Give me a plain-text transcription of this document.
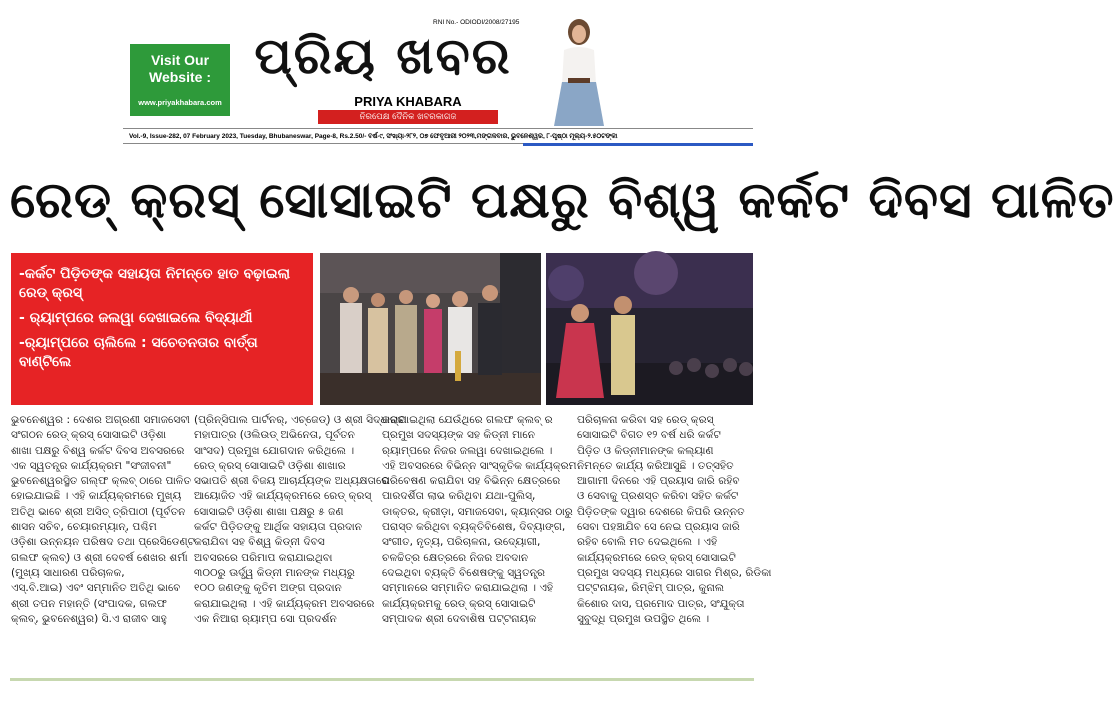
Visit Our Website :
www.priyakhabara.com
RNI No.- ODIODI/2008/27195
ପ୍ରିୟ ଖବର
PRIYA KHABARA
ନିରପେକ୍ଷ ଦୈନିକ ଖବରକାଗଜ
Vol.-9, Issue-282, 07 February 2023, Tuesday, Bhubaneswar, Page-8, Rs.2.50/- ବର୍ଷ-୯, ସଂଖ୍ୟା-୨୮୨, ୦୭ ଫେବୃଆରୀ ୨୦୨୩,ମଙ୍ଗଳବାର, ଭୁବନେଶ୍ୱର, ୮-ପୃଷ୍ଠା ମୂଲ୍ୟ-୨.୫୦ଟଙ୍କା
ରେଡ୍ କ୍ରସ୍ ସୋସାଇଟି ପକ୍ଷରୁ ବିଶ୍ୱ କର୍କଟ ଦିବସ ପାଳିତ

-କର୍କଟ ପିଡ଼ିତଙ୍କ ସହାୟତା ନିମନ୍ତେ ହାତ ବଢ଼ାଇଲା ରେଡ୍ କ୍ରସ୍

- ର୍‍ୟାମ୍ପରେ ଜଲୱା ଦେଖାଇଲେ ବିଦ୍ୟାର୍ଥୀ

-ର୍‍ୟାମ୍ପରେ ଚାଲିଲେ : ସଚେତନତାର ବାର୍ତ୍ତା ବାଣ୍ଟିଲେ

ଭୁବନେଶ୍ୱର : ଦେଶର ଅଗ୍ରଣୀ ସମାଜସେବୀ
ସଂଗଠନ ରେଡ୍ କ୍ରସ୍ ସୋସାଇଟି ଓଡ଼ିଶା
ଶାଖା ପକ୍ଷରୁ ବିଶ୍ୱ କର୍କଟ ଦିବସ ଅବସରରେ
ଏକ ସ୍ୱତନ୍ତ୍ର କାର୍ଯ୍ୟକ୍ରମ "ସଂଜୀବନୀ"
ଭୁବନେଶ୍ୱରସ୍ଥିତ ଗଲ୍ଫ କ୍ଲବ୍ ଠାରେ ପାଳିତ
ହୋଇଯାଇଛି । ଏହି କାର୍ଯ୍ୟକ୍ରମରେ ମୁଖ୍ୟ
ଅତିଥି ଭାବେ ଶ୍ରୀ ଅସିତ୍ ତ୍ରିପାଠୀ (ପୂର୍ବତନ
ଶାସନ ସଚିବ, ଚେୟାରମ୍ୟାନ୍, ପଶ୍ଚିମ
ଓଡ଼ିଶା ଉନ୍ନୟନ ପରିଷଦ ତଥା ପ୍ରେସିଡେଣ୍ଟ
ଗଲଫ କ୍ଲବ୍) ଓ ଶ୍ରୀ ଦେବର୍ଷ ଶେଖର ଶର୍ମା
(ମୁଖ୍ୟ ସାଧାରଣ ପରିଚାଳକ,
ଏସ୍.ବି.ଆଇ) ଏବଂ ସମ୍ମାନିତ ଅତିଥି ଭାବେ
ଶ୍ରୀ ତପନ ମହାନ୍ତି (ସଂପାଦକ, ଗଲଫ
କ୍ଲବ୍, ଭୁବନେଶ୍ୱର) ସି.ଏ ରାଜୀବ ସାହୁ
(ପ୍ରିନ୍ସିପାଲ ପାର୍ଟନର୍, ଏଚ୍‌ଜେଡ୍) ଓ ଶ୍ରୀ ସିଦ୍ଧାନ୍ତ
ମହାପାତ୍ର (ଓଲିଉଡ୍ ଅଭିନେତା, ପୂର୍ବତନ
ସାଂସଦ) ପ୍ରମୁଖ ଯୋଗଦାନ କରିଥିଲେ ।
ରେଡ୍ କ୍ରସ୍ ସୋସାଇଟି ଓଡ଼ିଶା ଶାଖାର
ସଭାପତି ଶ୍ରୀ ବିଜୟ ଆଚାର୍ଯ୍ୟଙ୍କ ଅଧ୍ୟକ୍ଷତାରେ
ଆୟୋଜିତ ଏହି କାର୍ଯ୍ୟକ୍ରମରେ ରେଡ୍ କ୍ରସ୍
ସୋସାଇଟି ଓଡ଼ିଶା ଶାଖା ପକ୍ଷରୁ ୫ ଜଣ
କର୍କଟ ପିଡ଼ିତଙ୍କୁ ଆର୍ଥିକ ସହାୟତା ପ୍ରଦାନ
କରାଯିବା ସହ ବିଶ୍ୱ କିଡ୍‌ନୀ ଦିବସ
ଅବସରରେ ପରିମାପ କରାଯାଇଥିବା
୩୦୦ରୁ ଊର୍ଦ୍ଧ୍ୱ କିଡ୍‌ନୀ ମାନଙ୍କ ମଧ୍ୟରୁ
୧୦୦ ଜଣଙ୍କୁ କୃତିମ ଅଙ୍ଗ ପ୍ରଦାନ
କରାଯାଇଥିଲା । ଏହି କାର୍ଯ୍ୟକ୍ରମ ଅବସରରେ
ଏକ ନିଆରା ର୍‍ୟାମ୍ପ ସୋ ପ୍ରଦର୍ଶନ
କରାଯାଇଥିଲା ଯେଉଁଥିରେ ଗଲଫ କ୍ଲବ୍ ର
ପ୍ରମୁଖ ସଦସ୍ୟଙ୍କ ସହ କିଡ୍‌ନୀ ମାନେ
ର୍‍ୟାମ୍ପରେ ନିଜର ଜଲୱା ଦେଖାଇଥିଲେ ।
ଏହି ଅବସରରେ ବିଭିନ୍ନ ସାଂସ୍କୃତିକ କାର୍ଯ୍ୟକ୍ରମ
ପରିବେଷଣ କରାଯିବା ସହ ବିଭିନ୍ନ କ୍ଷେତ୍ରରେ
ପାରଦର୍ଶିତା ଲାଭ କରିଥିବା ଯଥା-ପୁଲିସ୍,
ଡାକ୍ତର, କ୍ରୀଡ଼ା, ସମାଜସେବା, କ୍ୟାନ୍‌ସର ଠାରୁ
ପରାସ୍ତ କରିଥିବା ବ୍ୟକ୍ତିବିଶେଷ, ଦିବ୍ୟାଙ୍ଗ,
ସଂଗୀତ, ନୃତ୍ୟ, ପରିଚାଳନା, ଉଦ୍ୟୋଗୀ,
ଚଳଚ୍ଚିତ୍ର କ୍ଷେତ୍ରରେ ନିଜର ଅବଦାନ
ଦେଇଥିବା ବ୍ୟକ୍ତି ବିଶେଷଙ୍କୁ ସ୍ୱତନ୍ତ୍ର
ସମ୍ମାନରେ ସମ୍ମାନିତ କରାଯାଇଥିଲା । ଏହି
କାର୍ଯ୍ୟକ୍ରମକୁ ରେଡ୍ କ୍ରସ୍ ସୋସାଇଟି
ସମ୍ପାଦକ ଶ୍ରୀ ଦେବାଶିଷ ପଟ୍ଟନାୟକ
ପରିଚାଳନା କରିବା ସହ ରେଡ୍ କ୍ରସ୍
ସୋସାଇଟି ବିଗତ ୧୨ ବର୍ଷ ଧରି କର୍କଟ
ପିଡ଼ିତ ଓ କିଡ୍‌ନୀମାନଙ୍କ କଲ୍ୟାଣ
ନିମନ୍ତେ କାର୍ଯ୍ୟ କରିଆସୁଛି । ତତ୍‌ସହିତ
ଆଗାମୀ ଦିନରେ ଏହି ପ୍ରୟାସ ଜାରି ରହିବ
ଓ ସେବାକୁ ପ୍ରଶସ୍ତ କରିବା ସହିତ କର୍କଟ
ପିଡ଼ିତଙ୍କ ଦ୍ୱାର ଦେଶରେ କିପରି ଉନ୍ନତ
ସେବା ପହଞ୍ଚାଯିବ ସେ ନେଇ ପ୍ରୟାସ ଜାରି
ରହିବ ବୋଲି ମତ ଦେଇଥିଲେ । ଏହି
କାର୍ଯ୍ୟକ୍ରମରେ ରେଡ୍ କ୍ରସ୍ ସୋସାଇଟି
ପ୍ରମୁଖ ସଦସ୍ୟ ମଧ୍ୟରେ ସାଗର ମିଶ୍ର, ରିଡିକା
ପଟ୍ଟନାୟକ, ରିମ୍‌ଝିମ୍ ପାତ୍ର, କୁନାଲ
କିଶୋର ଦାସ, ପ୍ରମୋଦ ପାତ୍ର, ସଂଯୁକ୍ତା
ସୁବୁଦ୍ଧି ପ୍ରମୁଖ ଉପସ୍ଥିତ ଥିଲେ ।
